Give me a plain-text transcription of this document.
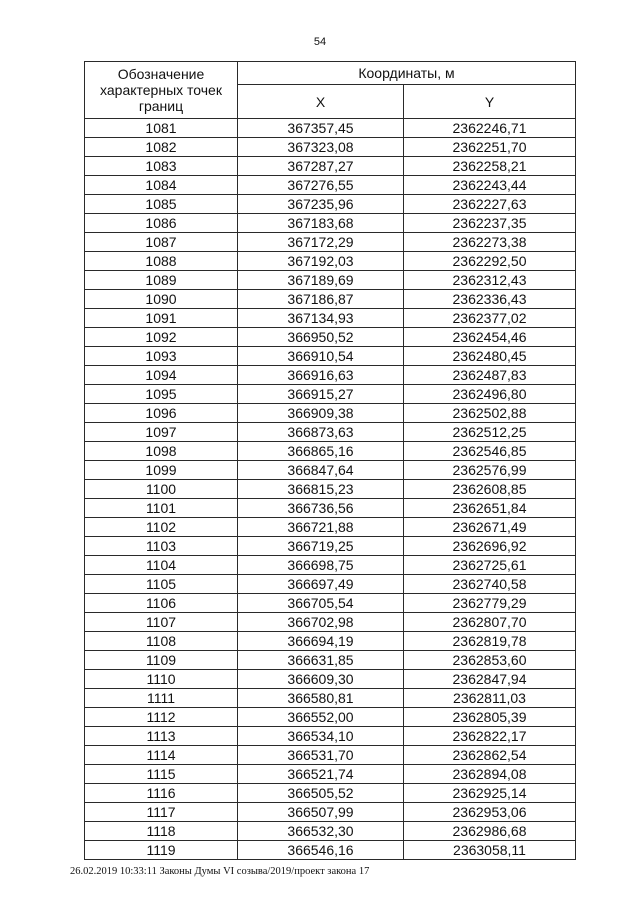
54
Обозначение характерных точек границ	Координаты, м	
	X	Y
1081	367357,45	2362246,71
1082	367323,08	2362251,70
1083	367287,27	2362258,21
1084	367276,55	2362243,44
1085	367235,96	2362227,63
1086	367183,68	2362237,35
1087	367172,29	2362273,38
1088	367192,03	2362292,50
1089	367189,69	2362312,43
1090	367186,87	2362336,43
1091	367134,93	2362377,02
1092	366950,52	2362454,46
1093	366910,54	2362480,45
1094	366916,63	2362487,83
1095	366915,27	2362496,80
1096	366909,38	2362502,88
1097	366873,63	2362512,25
1098	366865,16	2362546,85
1099	366847,64	2362576,99
1100	366815,23	2362608,85
1101	366736,56	2362651,84
1102	366721,88	2362671,49
1103	366719,25	2362696,92
1104	366698,75	2362725,61
1105	366697,49	2362740,58
1106	366705,54	2362779,29
1107	366702,98	2362807,70
1108	366694,19	2362819,78
1109	366631,85	2362853,60
1110	366609,30	2362847,94
1111	366580,81	2362811,03
1112	366552,00	2362805,39
1113	366534,10	2362822,17
1114	366531,70	2362862,54
1115	366521,74	2362894,08
1116	366505,52	2362925,14
1117	366507,99	2362953,06
1118	366532,30	2362986,68
1119	366546,16	2363058,11
26.02.2019 10:33:11 Законы Думы VI созыва/2019/проект закона 17
